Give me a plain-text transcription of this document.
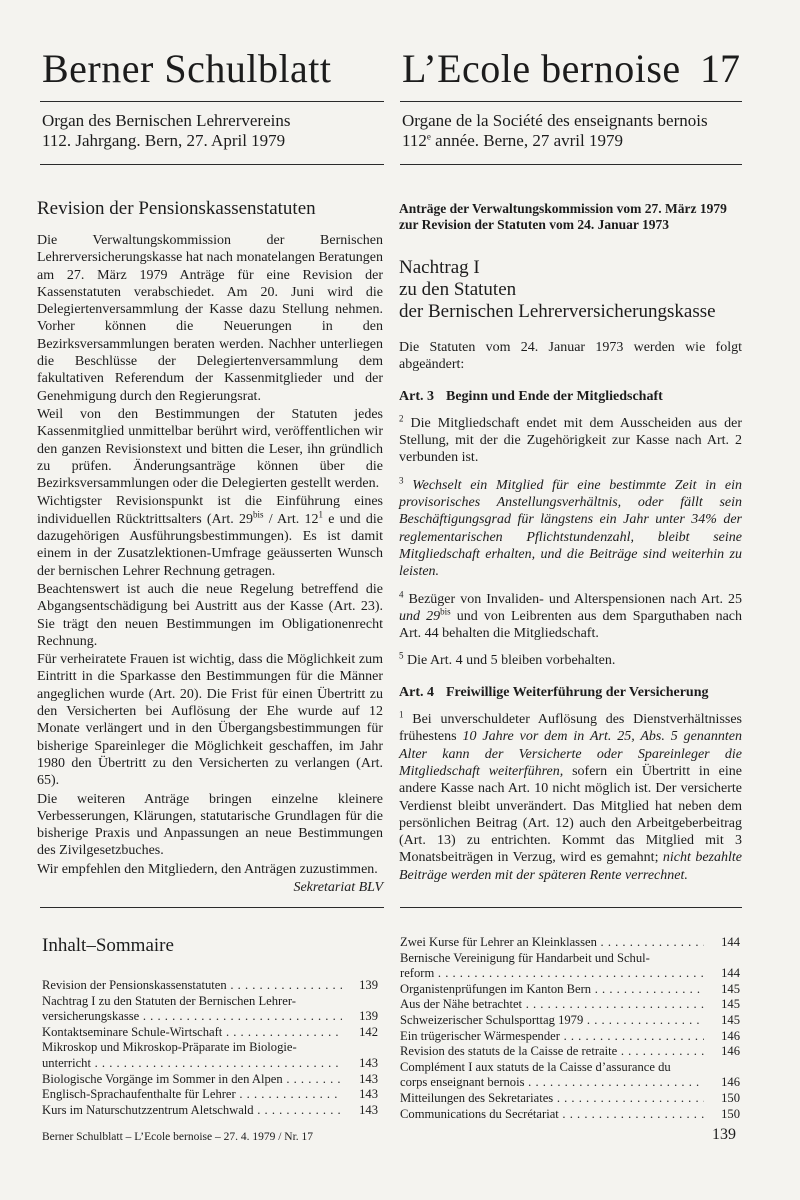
Berner Schulblatt L’Ecole bernoise 17
Organ des Bernischen Lehrervereins
112. Jahrgang. Bern, 27. April 1979
Organe de la Société des enseignants bernois
112e année. Berne, 27 avril 1979
Revision der Pensionskassenstatuten

Die Verwaltungskommission der Bernischen Lehrerversicherungskasse hat nach monatelangen Beratungen am 27. März 1979 Anträge für eine Revision der Kassenstatuten verabschiedet. Am 20. Juni wird die Delegiertenversammlung der Kasse dazu Stellung nehmen. Vorher können die Neuerungen in den Bezirksversammlungen beraten werden. Nachher unterliegen die Beschlüsse der Delegiertenversammlung dem fakultativen Referendum der Kassenmitglieder und der Genehmigung durch den Regierungsrat.

Weil von den Bestimmungen der Statuten jedes Kassenmitglied unmittelbar berührt wird, veröffentlichen wir den ganzen Revisionstext und bitten die Leser, ihn gründlich zu prüfen. Änderungsanträge können über die Bezirksversammlungen oder die Delegierten gestellt werden.

Wichtigster Revisionspunkt ist die Einführung eines individuellen Rücktrittsalters (Art. $29^{bis}$ / Art. $12^1$ e und die dazugehörigen Ausführungsbestimmungen). Es ist damit einem in der Zusatzlektionen-Umfrage geäusserten Wunsch der bernischen Lehrer Rechnung getragen.

Beachtenswert ist auch die neue Regelung betreffend die Abgangsentschädigung bei Austritt aus der Kasse (Art. 23). Sie trägt den neuen Bestimmungen im Obligationenrecht Rechnung.

Für verheiratete Frauen ist wichtig, dass die Möglichkeit zum Eintritt in die Sparkasse den Bestimmungen für die Männer angeglichen wurde (Art. 20). Die Frist für einen Übertritt zu den Versicherten bei Auflösung der Ehe wurde auf 12 Monate verlängert und in den Übergangsbestimmungen für bisherige Spareinleger die Möglichkeit geschaffen, im Jahr 1980 den Übertritt zu den Versicherten zu verlangen (Art. 65).

Die weiteren Anträge bringen einzelne kleinere Verbesserungen, Klärungen, statutarische Grundlagen für die bisherige Praxis und Anpassungen an neue Bestimmungen des Zivilgesetzbuches.

Wir empfehlen den Mitgliedern, den Anträgen zuzustimmen.

Sekretariat BLV
Anträge der Verwaltungskommission vom 27. März 1979 zur Revision der Statuten vom 24. Januar 1973
Nachtrag I
zu den Statuten
der Bernischen Lehrerversicherungskasse

Die Statuten vom 24. Januar 1973 werden wie folgt abgeändert:

Art. 3 Beginn und Ende der Mitgliedschaft

$^2$ Die Mitgliedschaft endet mit dem Ausscheiden aus der Stellung, mit der die Zugehörigkeit zur Kasse nach Art. 2 verbunden ist.

$^3$ Wechselt ein Mitglied für eine bestimmte Zeit in ein provisorisches Anstellungsverhältnis, oder fällt sein Beschäftigungsgrad für längstens ein Jahr unter 34% der reglementarischen Pflichtstundenzahl, bleibt seine Mitgliedschaft erhalten, und die Beiträge sind weiterhin zu leisten.

$^4$ Bezüger von Invaliden- und Alterspensionen nach Art. 25 und $29^{bis}$ und von Leibrenten aus dem Sparguthaben nach Art. 44 behalten die Mitgliedschaft.

$^5$ Die Art. 4 und 5 bleiben vorbehalten.

Art. 4 Freiwillige Weiterführung der Versicherung

$^1$ Bei unverschuldeter Auflösung des Dienstverhältnisses frühestens 10 Jahre vor dem in Art. 25, Abs. 5 genannten Alter kann der Versicherte oder Spareinleger die Mitgliedschaft weiterführen, sofern ein Übertritt in eine andere Kasse nach Art. 10 nicht möglich ist. Der versicherte Verdienst bleibt unverändert. Das Mitglied hat neben dem persönlichen Beitrag (Art. 12) auch den Arbeitgeberbeitrag (Art. 13) zu entrichten. Kommt das Mitglied mit 3 Monatsbeiträgen in Verzug, wird es gemahnt; nicht bezahlte Beiträge werden mit der späteren Rente verrechnet.

Inhalt–Sommaire
Revision der Pensionskassenstatuten . . .	139
Nachtrag I zu den Statuten der Bernischen Lehrer-
versicherungskasse . . .	139
Kontaktseminare Schule-Wirtschaft . . .	142
Mikroskop und Mikroskop-Präparate im Biologie-
unterricht . . .	143
Biologische Vorgänge im Sommer in den Alpen . . .	143
Englisch-Sprachaufenthalte für Lehrer . . .	143
Kurs im Naturschutzzentrum Aletschwald . . .	143
Zwei Kurse für Lehrer an Kleinklassen . . .	144
Bernische Vereinigung für Handarbeit und Schul-
reform . . .	144
Organistenprüfungen im Kanton Bern . . .	145
Aus der Nähe betrachtet . . .	145
Schweizerischer Schulsporttag 1979 . . .	145
Ein trügerischer Wärmespender . . .	146
Revision des statuts de la Caisse de retraite . . .	146
Complément I aux statuts de la Caisse d’assurance du
corps enseignant bernois . . .	146
Mitteilungen des Sekretariates . . .	150
Communications du Secrétariat . . .	150
Berner Schulblatt – L’Ecole bernoise – 27. 4. 1979 / Nr. 17	139
